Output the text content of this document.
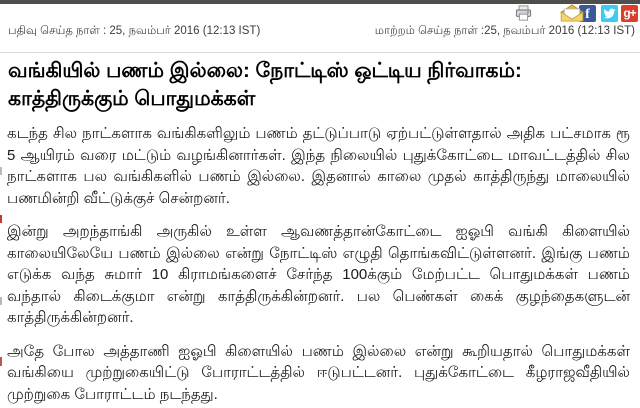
f	g+
பதிவு செய்த நாள் : 25, நவம்பர் 2016 (12:13 IST)	மாற்றம் செய்த நாள் :25, நவம்பர் 2016 (12:13 IST)
வங்கியில் பணம் இல்லை: நோட்டிஸ் ஒட்டிய நிர்வாகம்: காத்திருக்கும் பொதுமக்கள்

கடந்த சில நாட்களாக வங்கிகளிலும் பணம் தட்டுப்பாடு ஏற்பட்டுள்ளதால் அதிக பட்சமாக ரூ 5 ஆயிரம் வரை மட்டும் வழங்கினார்கள். இந்த நிலையில் புதுக்கோட்டை மாவட்டத்தில் சில நாட்களாக பல வங்கிகளில் பணம் இல்லை. இதனால் காலை முதல் காத்திருந்து மாலையில் பணமின்றி வீட்டுக்குச் சென்றனர்.

இன்று அறந்தாங்கி அருகில் உள்ள ஆவணத்தான்கோட்டை ஐஓபி வங்கி கிளையில் காலையிலேயே பணம் இல்லை என்று நோட்டிஸ் எழுதி தொங்கவிட்டுள்ளனர். இங்கு பணம் எடுக்க வந்த சுமார் 10 கிராமங்களைச் சேர்ந்த 100க்கும் மேற்பட்ட பொதுமக்கள் பணம் வந்தால் கிடைக்குமா என்று காத்திருக்கின்றனர். பல பெண்கள் கைக் குழந்தைகளுடன் காத்திருக்கின்றனர்.

அதே போல அத்தாணி ஐஓபி கிளையில் பணம் இல்லை என்று கூறியதால் பொதுமக்கள் வங்கியை முற்றுகையிட்டு போராட்டத்தில் ஈடுபட்டனர். புதுக்கோட்டை கீழராஜவீதியில் முற்றுகை போராட்டம் நடந்தது.
